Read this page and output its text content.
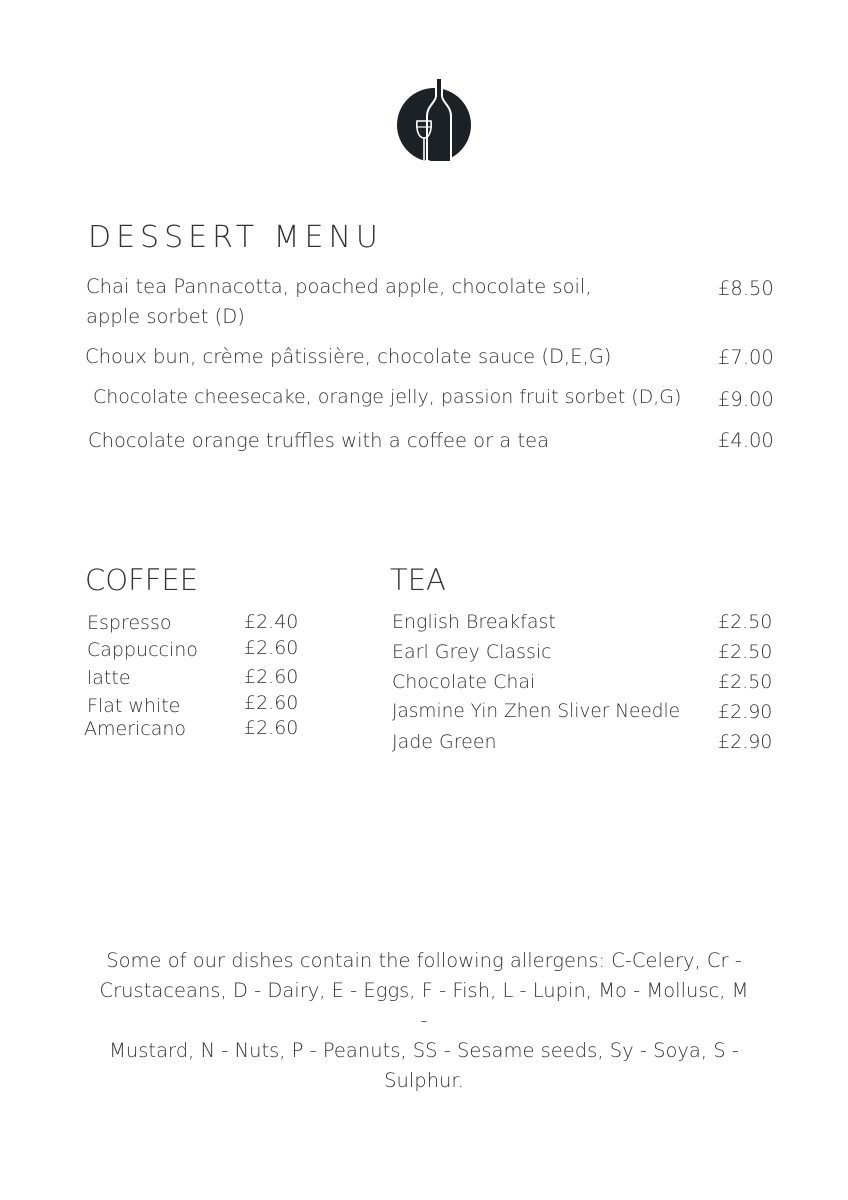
DESSERT MENU
Chai tea Pannacotta, poached apple, chocolate soil,
apple sorbet (D)
£8.50
Choux bun, crème pâtissière, chocolate sauce (D,E,G)	£7.00
Chocolate cheesecake, orange jelly, passion fruit sorbet (D,G) £9.00
Chocolate orange truffles with a coffee or a tea	£4.00
COFFEE
Espresso	£2.40
Cappuccino £2.60
latte	£2.60
Flat white	£2.60
Americano	£2.60
TEA
English Breakfast	£2.50
Earl Grey Classic	£2.50
Chocolate Chai	£2.50
Jasmine Yin Zhen Sliver Needle £2.90
Jade Green	£2.90
Some of our dishes contain the following allergens: C-Celery, Cr -
Crustaceans, D - Dairy, E - Eggs, F - Fish, L - Lupin, Mo - Mollusc, M -
Mustard, N - Nuts, P - Peanuts, SS - Sesame seeds, Sy - Soya, S -
Sulphur.
